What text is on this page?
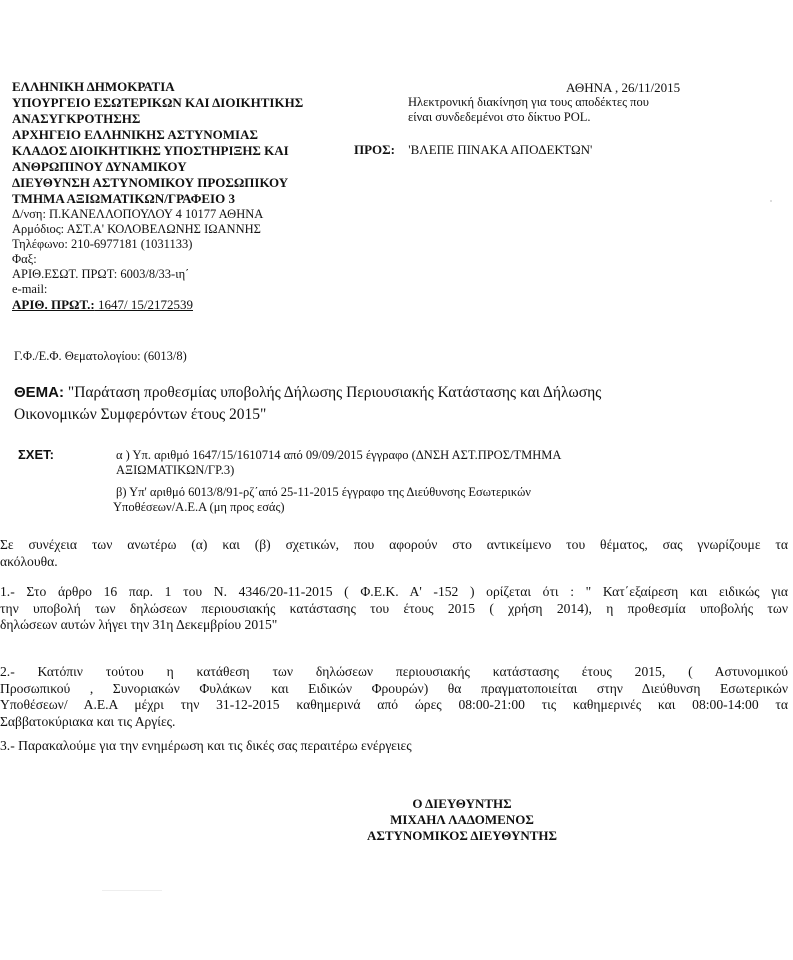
ΕΛΛΗΝΙΚΗ ΔΗΜΟΚΡΑΤΙΑ
ΥΠΟΥΡΓΕΙΟ ΕΣΩΤΕΡΙΚΩΝ ΚΑΙ ΔΙΟΙΚΗΤΙΚΗΣ
ΑΝΑΣΥΓΚΡΟΤΗΣΗΣ
ΑΡΧΗΓΕΙΟ ΕΛΛΗΝΙΚΗΣ ΑΣΤΥΝΟΜΙΑΣ
ΚΛΑΔΟΣ ΔΙΟΙΚΗΤΙΚΗΣ ΥΠΟΣΤΗΡΙΞΗΣ ΚΑΙ
ΑΝΘΡΩΠΙΝΟΥ ΔΥΝΑΜΙΚΟΥ
ΔΙΕΥΘΥΝΣΗ ΑΣΤΥΝΟΜΙΚΟΥ ΠΡΟΣΩΠΙΚΟΥ
ΤΜΗΜΑ ΑΞΙΩΜΑΤΙΚΩΝ/ΓΡΑΦΕΙΟ 3
Δ/νση: Π.ΚΑΝΕΛΛΟΠΟΥΛΟΥ 4 10177 ΑΘΗΝΑ
Αρμόδιος: ΑΣΤ.Α' ΚΟΛΟΒΕΛΩΝΗΣ ΙΩΑΝΝΗΣ
Τηλέφωνο: 210-6977181 (1031133)
Φαξ:
ΑΡΙΘ.ΕΣΩΤ. ΠΡΩΤ: 6003/8/33-ιη΄
e-mail:
ΑΡΙΘ. ΠΡΩΤ.: 1647/ 15/2172539
Γ.Φ./Ε.Φ. Θεματολογίου: (6013/8)
ΑΘΗΝΑ , 26/11/2015
Ηλεκτρονική διακίνηση για τους αποδέκτες που
είναι συνδεδεμένοι στο δίκτυο POL.
ΠΡΟΣ: 'ΒΛΕΠΕ ΠΙΝΑΚΑ ΑΠΟΔΕΚΤΩΝ'
ΘΕΜΑ: "Παράταση προθεσμίας υποβολής Δήλωσης Περιουσιακής Κατάστασης και Δήλωσης
Οικονομικών Συμφερόντων έτους 2015"
ΣΧΕΤ:	α ) Υπ. αριθμό 1647/15/1610714 από 09/09/2015 έγγραφο (ΔΝΣΗ ΑΣΤ.ΠΡΟΣ/ΤΜΗΜΑ
ΑΞΙΩΜΑΤΙΚΩΝ/ΓΡ.3)
β) Υπ' αριθμό 6013/8/91-ρζ΄από 25-11-2015 έγγραφο της Διεύθυνσης Εσωτερικών
Υποθέσεων/Α.Ε.Α (μη προς εσάς)
Σε συνέχεια των ανωτέρω (α) και (β) σχετικών, που αφορούν στο αντικείμενο του θέματος, σας γνωρίζουμε τα
ακόλουθα.
1.- Στο άρθρο 16 παρ. 1 του Ν. 4346/20-11-2015 ( Φ.Ε.Κ. Α' -152 ) ορίζεται ότι : " Κατ΄εξαίρεση και ειδικώς για
την υποβολή των δηλώσεων περιουσιακής κατάστασης του έτους 2015 ( χρήση 2014), η προθεσμία υποβολής των
δηλώσεων αυτών λήγει την 31η Δεκεμβρίου 2015"
2.- Κατόπιν τούτου η κατάθεση των δηλώσεων περιουσιακής κατάστασης έτους 2015, ( Αστυνομικού
Προσωπικού , Συνοριακών Φυλάκων και Ειδικών Φρουρών) θα πραγματοποιείται στην Διεύθυνση Εσωτερικών
Υποθέσεων/ Α.Ε.Α μέχρι την 31-12-2015 καθημερινά από ώρες 08:00-21:00 τις καθημερινές και 08:00-14:00 τα
Σαββατοκύριακα και τις Αργίες.
3.- Παρακαλούμε για την ενημέρωση και τις δικές σας περαιτέρω ενέργειες
Ο ΔΙΕΥΘΥΝΤΗΣ
ΜΙΧΑΗΛ ΛΑΔΟΜΕΝΟΣ
ΑΣΤΥΝΟΜΙΚΟΣ ΔΙΕΥΘΥΝΤΗΣ
